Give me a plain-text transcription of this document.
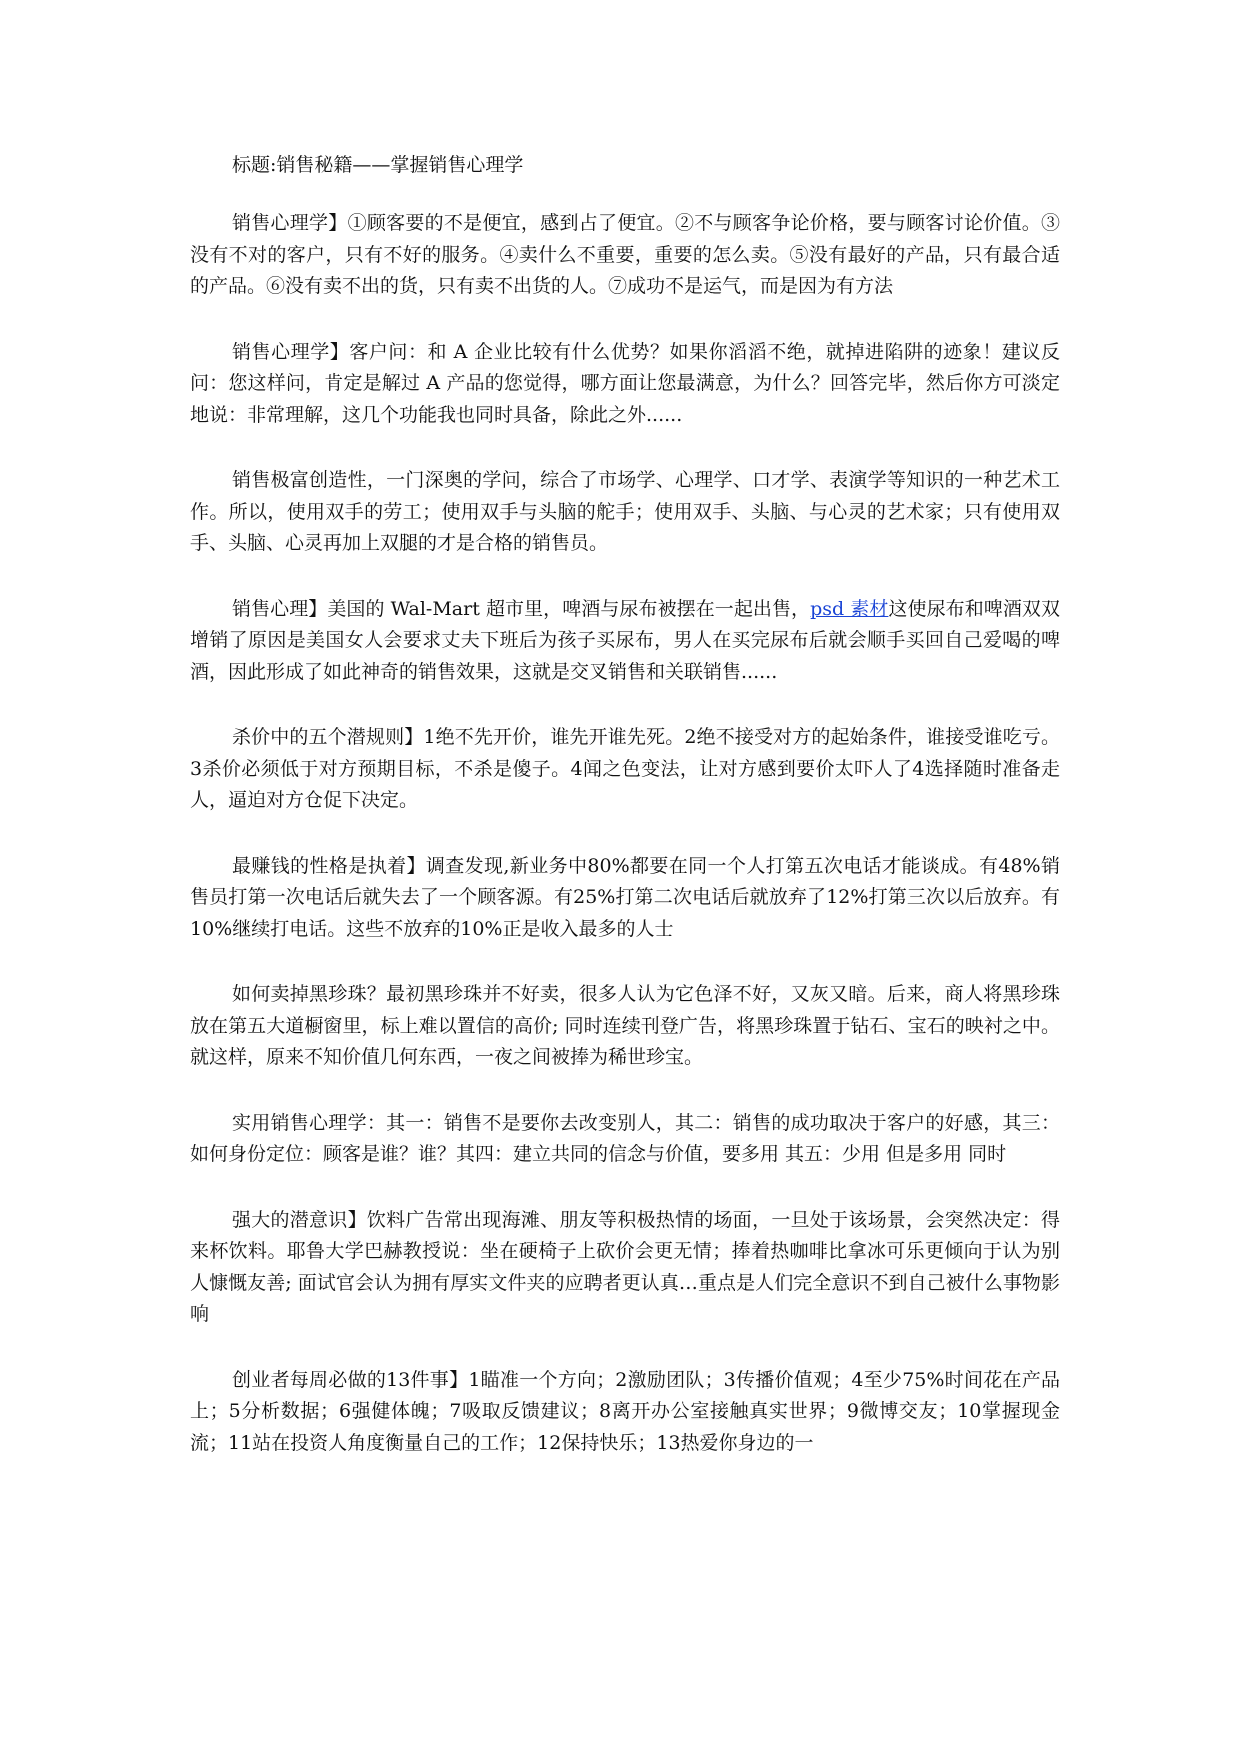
标题:销售秘籍——掌握销售心理学

销售心理学】①顾客要的不是便宜，感到占了便宜。②不与顾客争论价格，要与顾客讨论价值。③没有不对的客户，只有不好的服务。④卖什么不重要，重要的怎么卖。⑤没有最好的产品，只有最合适的产品。⑥没有卖不出的货，只有卖不出货的人。⑦成功不是运气，而是因为有方法

销售心理学】客户问：和 A 企业比较有什么优势？如果你滔滔不绝，就掉进陷阱的迹象！建议反问：您这样问，肯定是解过 A 产品的您觉得，哪方面让您最满意，为什么？回答完毕，然后你方可淡定地说：非常理解，这几个功能我也同时具备，除此之外......

销售极富创造性，一门深奥的学问，综合了市场学、心理学、口才学、表演学等知识的一种艺术工作。所以，使用双手的劳工；使用双手与头脑的舵手；使用双手、头脑、与心灵的艺术家；只有使用双手、头脑、心灵再加上双腿的才是合格的销售员。

销售心理】美国的 Wal-Mart 超市里，啤酒与尿布被摆在一起出售，psd 素材这使尿布和啤酒双双增销了原因是美国女人会要求丈夫下班后为孩子买尿布，男人在买完尿布后就会顺手买回自己爱喝的啤酒，因此形成了如此神奇的销售效果，这就是交叉销售和关联销售......

杀价中的五个潜规则】1绝不先开价，谁先开谁先死。2绝不接受对方的起始条件，谁接受谁吃亏。3杀价必须低于对方预期目标，不杀是傻子。4闻之色变法，让对方感到要价太吓人了4选择随时准备走人，逼迫对方仓促下决定。

最赚钱的性格是执着】调查发现,新业务中80%都要在同一个人打第五次电话才能谈成。有48%销售员打第一次电话后就失去了一个顾客源。有25%打第二次电话后就放弃了12%打第三次以后放弃。有10%继续打电话。这些不放弃的10%正是收入最多的人士

如何卖掉黑珍珠？最初黑珍珠并不好卖，很多人认为它色泽不好，又灰又暗。后来，商人将黑珍珠放在第五大道橱窗里，标上难以置信的高价; 同时连续刊登广告，将黑珍珠置于钻石、宝石的映衬之中。就这样，原来不知价值几何东西，一夜之间被捧为稀世珍宝。

实用销售心理学：其一：销售不是要你去改变别人，其二：销售的成功取决于客户的好感，其三：如何身份定位：顾客是谁？谁？其四：建立共同的信念与价值，要多用 其五：少用 但是多用 同时

强大的潜意识】饮料广告常出现海滩、朋友等积极热情的场面，一旦处于该场景，会突然决定：得来杯饮料。耶鲁大学巴赫教授说：坐在硬椅子上砍价会更无情；捧着热咖啡比拿冰可乐更倾向于认为别人慷慨友善; 面试官会认为拥有厚实文件夹的应聘者更认真…重点是人们完全意识不到自己被什么事物影响

创业者每周必做的13件事】1瞄准一个方向；2激励团队；3传播价值观；4至少75%时间花在产品上；5分析数据；6强健体魄；7吸取反馈建议；8离开办公室接触真实世界；9微博交友；10掌握现金流；11站在投资人角度衡量自己的工作；12保持快乐；13热爱你身边的一
